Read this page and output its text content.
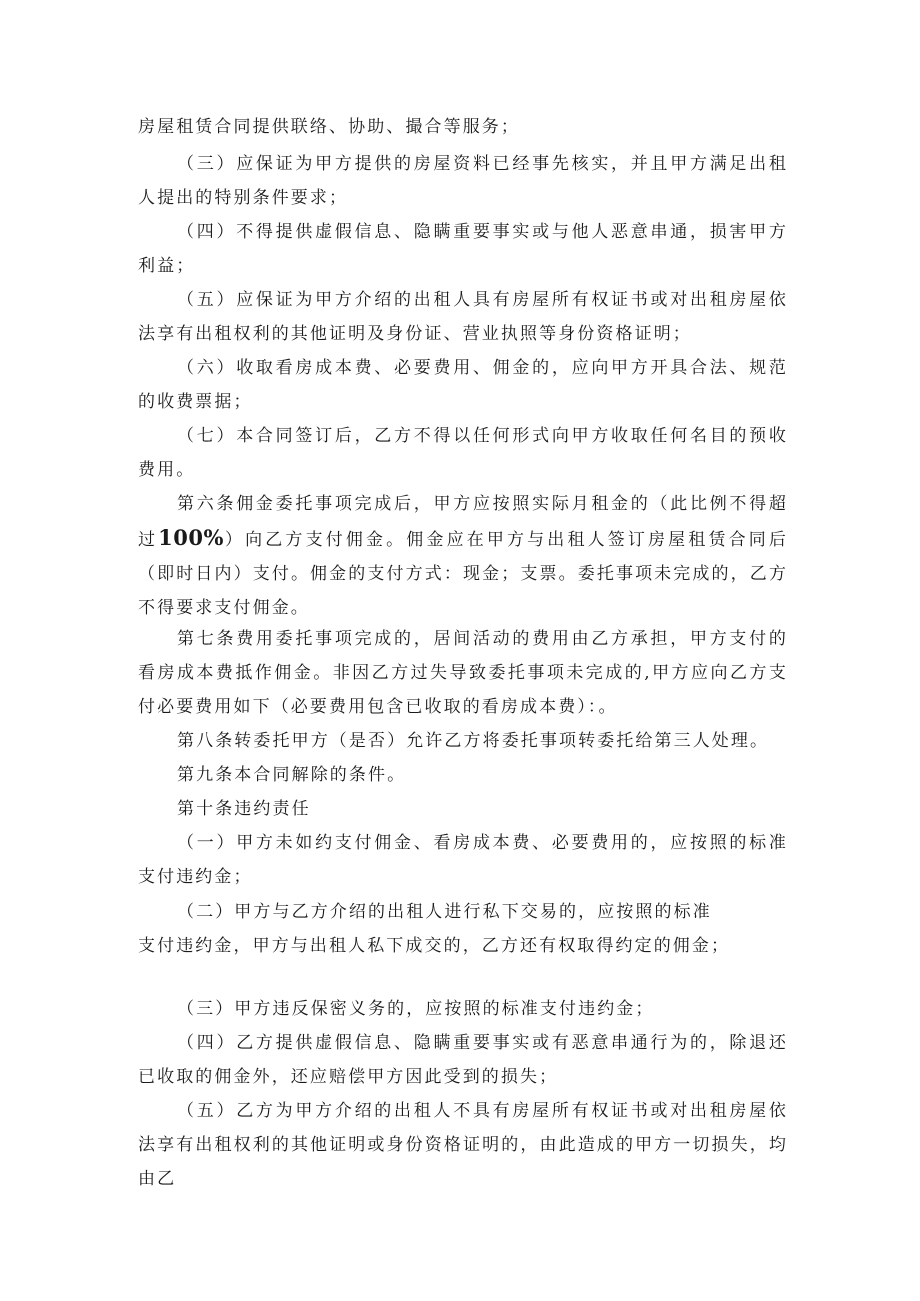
房屋租赁合同提供联络、协助、撮合等服务；

（三）应保证为甲方提供的房屋资料已经事先核实，并且甲方满足出租人提出的特别条件要求；

（四）不得提供虚假信息、隐瞒重要事实或与他人恶意串通，损害甲方利益；

（五）应保证为甲方介绍的出租人具有房屋所有权证书或对出租房屋依法享有出租权利的其他证明及身份证、营业执照等身份资格证明；

（六）收取看房成本费、必要费用、佣金的，应向甲方开具合法、规范的收费票据；

（七）本合同签订后，乙方不得以任何形式向甲方收取任何名目的预收费用。

第六条佣金委托事项完成后，甲方应按照实际月租金的（此比例不得超过100%）向乙方支付佣金。佣金应在甲方与出租人签订房屋租赁合同后（即时日内）支付。佣金的支付方式：现金；支票。委托事项未完成的，乙方不得要求支付佣金。

第七条费用委托事项完成的，居间活动的费用由乙方承担，甲方支付的看房成本费抵作佣金。非因乙方过失导致委托事项未完成的,甲方应向乙方支付必要费用如下（必要费用包含已收取的看房成本费）：。

第八条转委托甲方（是否）允许乙方将委托事项转委托给第三人处理。

第九条本合同解除的条件。

第十条违约责任

（一）甲方未如约支付佣金、看房成本费、必要费用的，应按照的标准支付违约金；

（二）甲方与乙方介绍的出租人进行私下交易的，应按照的标准

支付违约金，甲方与出租人私下成交的，乙方还有权取得约定的佣金；

（三）甲方违反保密义务的，应按照的标准支付违约金；

（四）乙方提供虚假信息、隐瞒重要事实或有恶意串通行为的，除退还已收取的佣金外，还应赔偿甲方因此受到的损失；

（五）乙方为甲方介绍的出租人不具有房屋所有权证书或对出租房屋依法享有出租权利的其他证明或身份资格证明的，由此造成的甲方一切损失，均由乙
